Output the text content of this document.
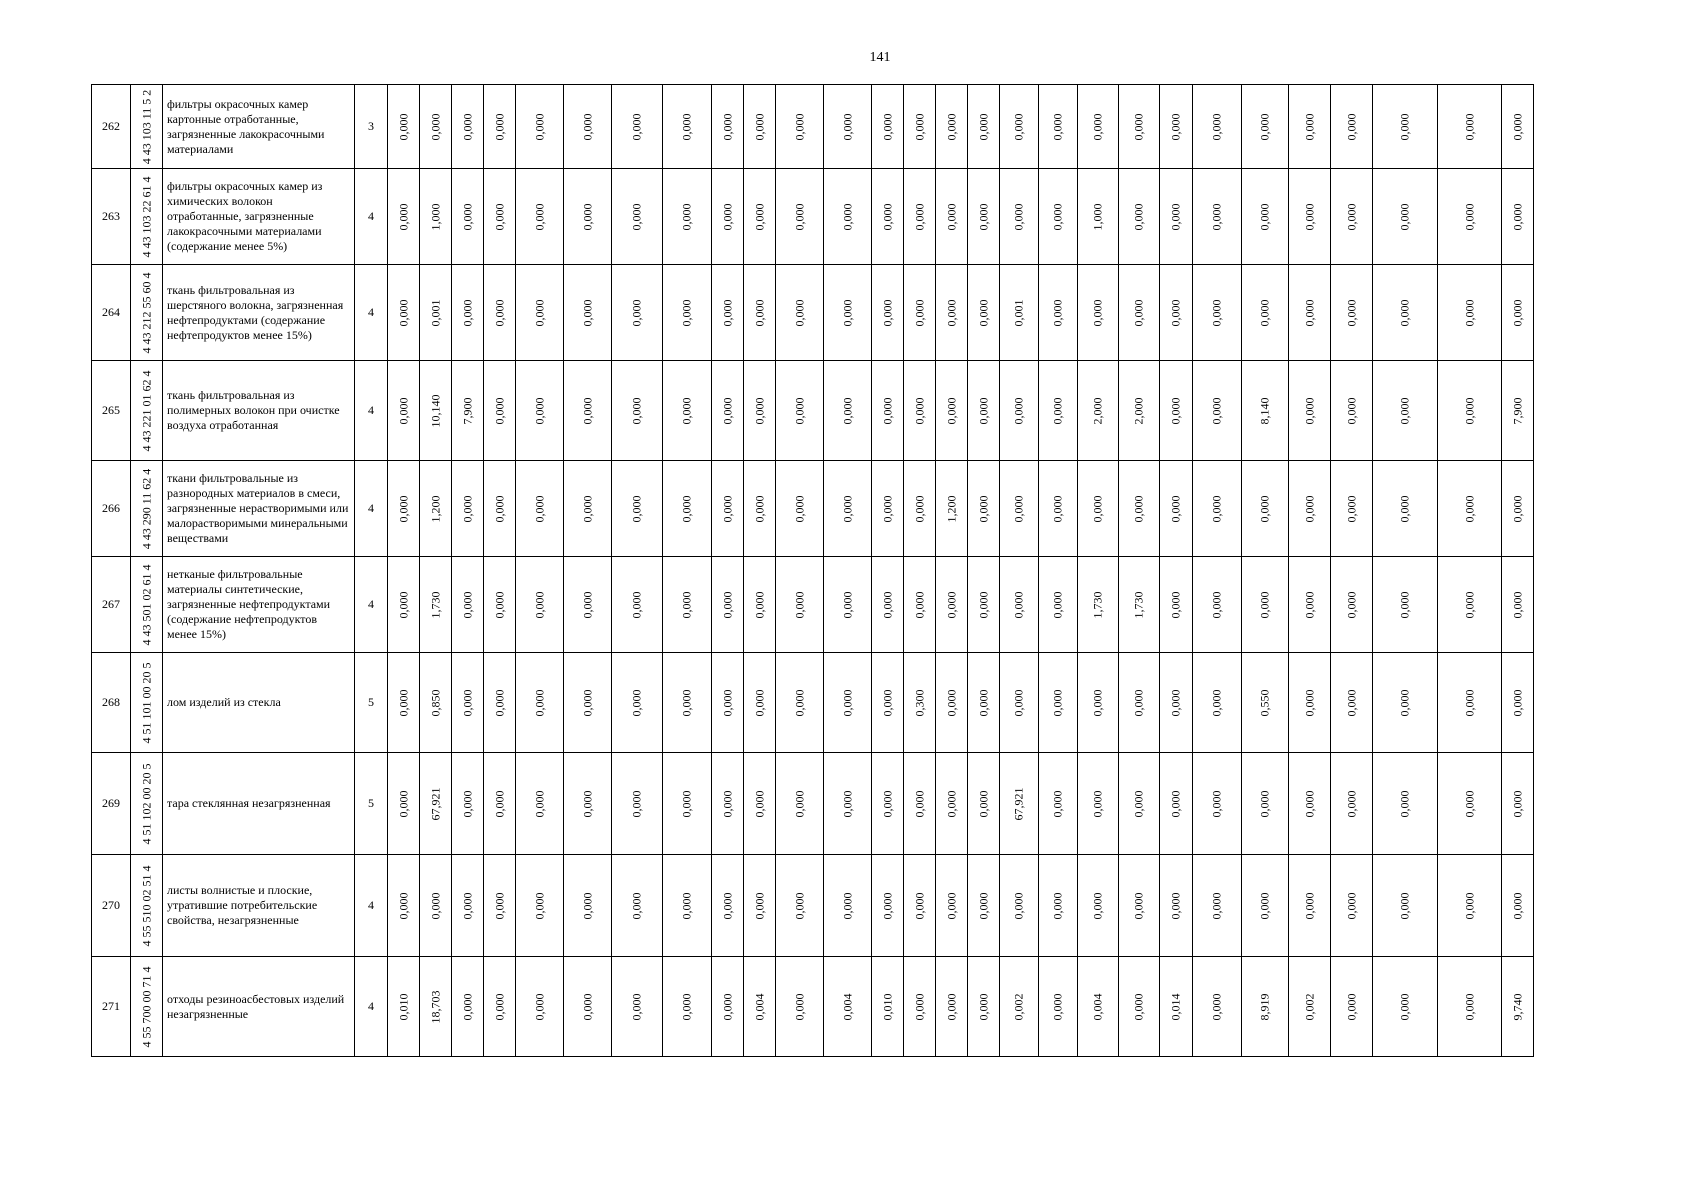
141
262	4 43 103 11 5 2	фильтры окрасочных камер картонные отработанные, загрязненные лакокрасочными материалами	3	0,000	0,000	0,000	0,000	0,000	0,000	0,000	0,000	0,000	0,000	0,000	0,000	0,000	0,000	0,000	0,000	0,000	0,000	0,000	0,000	0,000	0,000	0,000	0,000	0,000	0,000	0,000	0,000

263	4 43 103 22 61 4	фильтры окрасочных камер из химических волокон отработанные, загрязненные лакокрасочными материалами (содержание менее 5%)	4	0,000	1,000	0,000	0,000	0,000	0,000	0,000	0,000	0,000	0,000	0,000	0,000	0,000	0,000	0,000	0,000	0,000	0,000	1,000	0,000	0,000	0,000	0,000	0,000	0,000	0,000	0,000	0,000

264	4 43 212 55 60 4	ткань фильтровальная из шерстяного волокна, загрязненная нефтепродуктами (содержание нефтепродуктов менее 15%)	4	0,000	0,001	0,000	0,000	0,000	0,000	0,000	0,000	0,000	0,000	0,000	0,000	0,000	0,000	0,000	0,000	0,001	0,000	0,000	0,000	0,000	0,000	0,000	0,000	0,000	0,000	0,000	0,000

265	4 43 221 01 62 4	ткань фильтровальная из полимерных волокон при очистке воздуха отработанная	4	0,000	10,140	7,900	0,000	0,000	0,000	0,000	0,000	0,000	0,000	0,000	0,000	0,000	0,000	0,000	0,000	0,000	0,000	2,000	2,000	0,000	0,000	8,140	0,000	0,000	0,000	0,000	7,900

266	4 43 290 11 62 4	ткани фильтровальные из разнородных материалов в смеси, загрязненные нерастворимыми или малорастворимыми минеральными веществами	4	0,000	1,200	0,000	0,000	0,000	0,000	0,000	0,000	0,000	0,000	0,000	0,000	0,000	0,000	1,200	0,000	0,000	0,000	0,000	0,000	0,000	0,000	0,000	0,000	0,000	0,000	0,000	0,000

267	4 43 501 02 61 4	нетканые фильтровальные материалы синтетические, загрязненные нефтепродуктами (содержание нефтепродуктов менее 15%)	4	0,000	1,730	0,000	0,000	0,000	0,000	0,000	0,000	0,000	0,000	0,000	0,000	0,000	0,000	0,000	0,000	0,000	0,000	1,730	1,730	0,000	0,000	0,000	0,000	0,000	0,000	0,000	0,000

268	4 51 101 00 20 5	лом изделий из стекла	5	0,000	0,850	0,000	0,000	0,000	0,000	0,000	0,000	0,000	0,000	0,000	0,000	0,000	0,300	0,000	0,000	0,000	0,000	0,000	0,000	0,000	0,000	0,550	0,000	0,000	0,000	0,000	0,000

269	4 51 102 00 20 5	тара стеклянная незагрязненная	5	0,000	67,921	0,000	0,000	0,000	0,000	0,000	0,000	0,000	0,000	0,000	0,000	0,000	0,000	0,000	0,000	67,921	0,000	0,000	0,000	0,000	0,000	0,000	0,000	0,000	0,000	0,000	0,000

270	4 55 510 02 51 4	листы волнистые и плоские, утратившие потребительские свойства, незагрязненные	4	0,000	0,000	0,000	0,000	0,000	0,000	0,000	0,000	0,000	0,000	0,000	0,000	0,000	0,000	0,000	0,000	0,000	0,000	0,000	0,000	0,000	0,000	0,000	0,000	0,000	0,000	0,000	0,000

271	4 55 700 00 71 4	отходы резиноасбестовых изделий незагрязненные	4	0,010	18,703	0,000	0,000	0,000	0,000	0,000	0,000	0,000	0,004	0,000	0,004	0,010	0,000	0,000	0,000	0,002	0,000	0,004	0,000	0,014	0,000	8,919	0,002	0,000	0,000	0,000	9,740
